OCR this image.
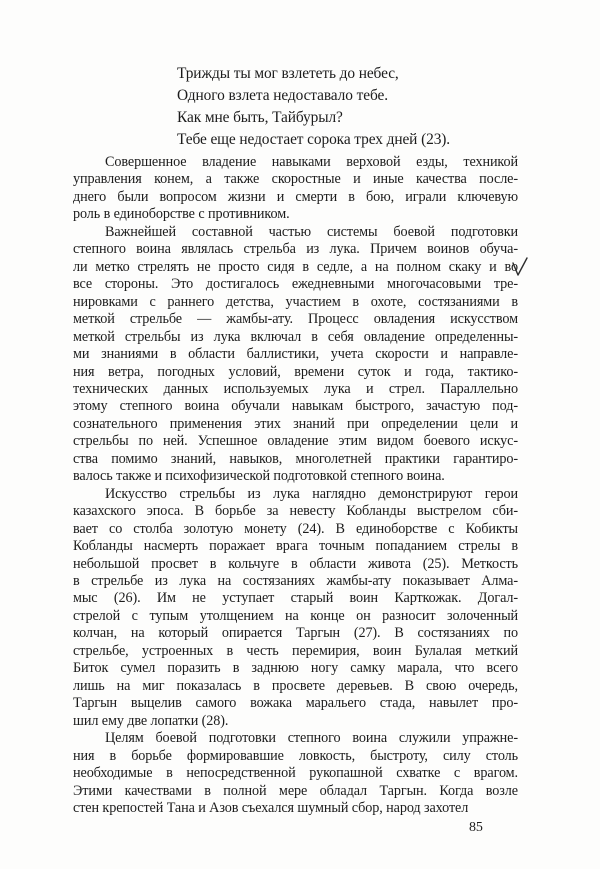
Трижды ты мог взлететь до небес,
Одного взлета недоставало тебе.
Как мне быть, Тайбурыл?
Тебе еще недостает сорока трех дней (23).
Совершенное владение навыками верховой езды, техникой
управления конем, а также скоростные и иные качества после-
днего были вопросом жизни и смерти в бою, играли ключевую
роль в единоборстве с противником.
Важнейшей составной частью системы боевой подготовки
степного воина являлась стрельба из лука. Причем воинов обуча-
ли метко стрелять не просто сидя в седле, а на полном скаку и во
все стороны. Это достигалось ежедневными многочасовыми тре-
нировками с раннего детства, участием в охоте, состязаниями в
меткой стрельбе — жамбы-ату. Процесс овладения искусством
меткой стрельбы из лука включал в себя овладение определенны-
ми знаниями в области баллистики, учета скорости и направле-
ния ветра, погодных условий, времени суток и года, тактико-
технических данных используемых лука и стрел. Параллельно
этому степного воина обучали навыкам быстрого, зачастую под-
сознательного применения этих знаний при определении цели и
стрельбы по ней. Успешное овладение этим видом боевого искус-
ства помимо знаний, навыков, многолетней практики гарантиро-
валось также и психофизической подготовкой степного воина.
Искусство стрельбы из лука наглядно демонстрируют герои
казахского эпоса. В борьбе за невесту Кобланды выстрелом сби-
вает со столба золотую монету (24). В единоборстве с Кобикты
Кобланды насмерть поражает врага точным попаданием стрелы в
небольшой просвет в кольчуге в области живота (25). Меткость
в стрельбе из лука на состязаниях жамбы-ату показывает Алма-
мыс (26). Им не уступает старый воин Карткожак. Догал-
стрелой с тупым утолщением на конце он разносит золоченный
колчан, на который опирается Таргын (27). В состязаниях по
стрельбе, устроенных в честь перемирия, воин Булалая меткий
Биток сумел поразить в заднюю ногу самку марала, что всего
лишь на миг показалась в просвете деревьев. В свою очередь,
Таргын выцелив самого вожака маральего стада, навылет про-
шил ему две лопатки (28).
Целям боевой подготовки степного воина служили упражне-
ния в борьбе формировавшие ловкость, быстроту, силу столь
необходимые в непосредственной рукопашной схватке с врагом.
Этими качествами в полной мере обладал Таргын. Когда возле
стен крепостей Тана и Азов съехался шумный сбор, народ захотел
85
